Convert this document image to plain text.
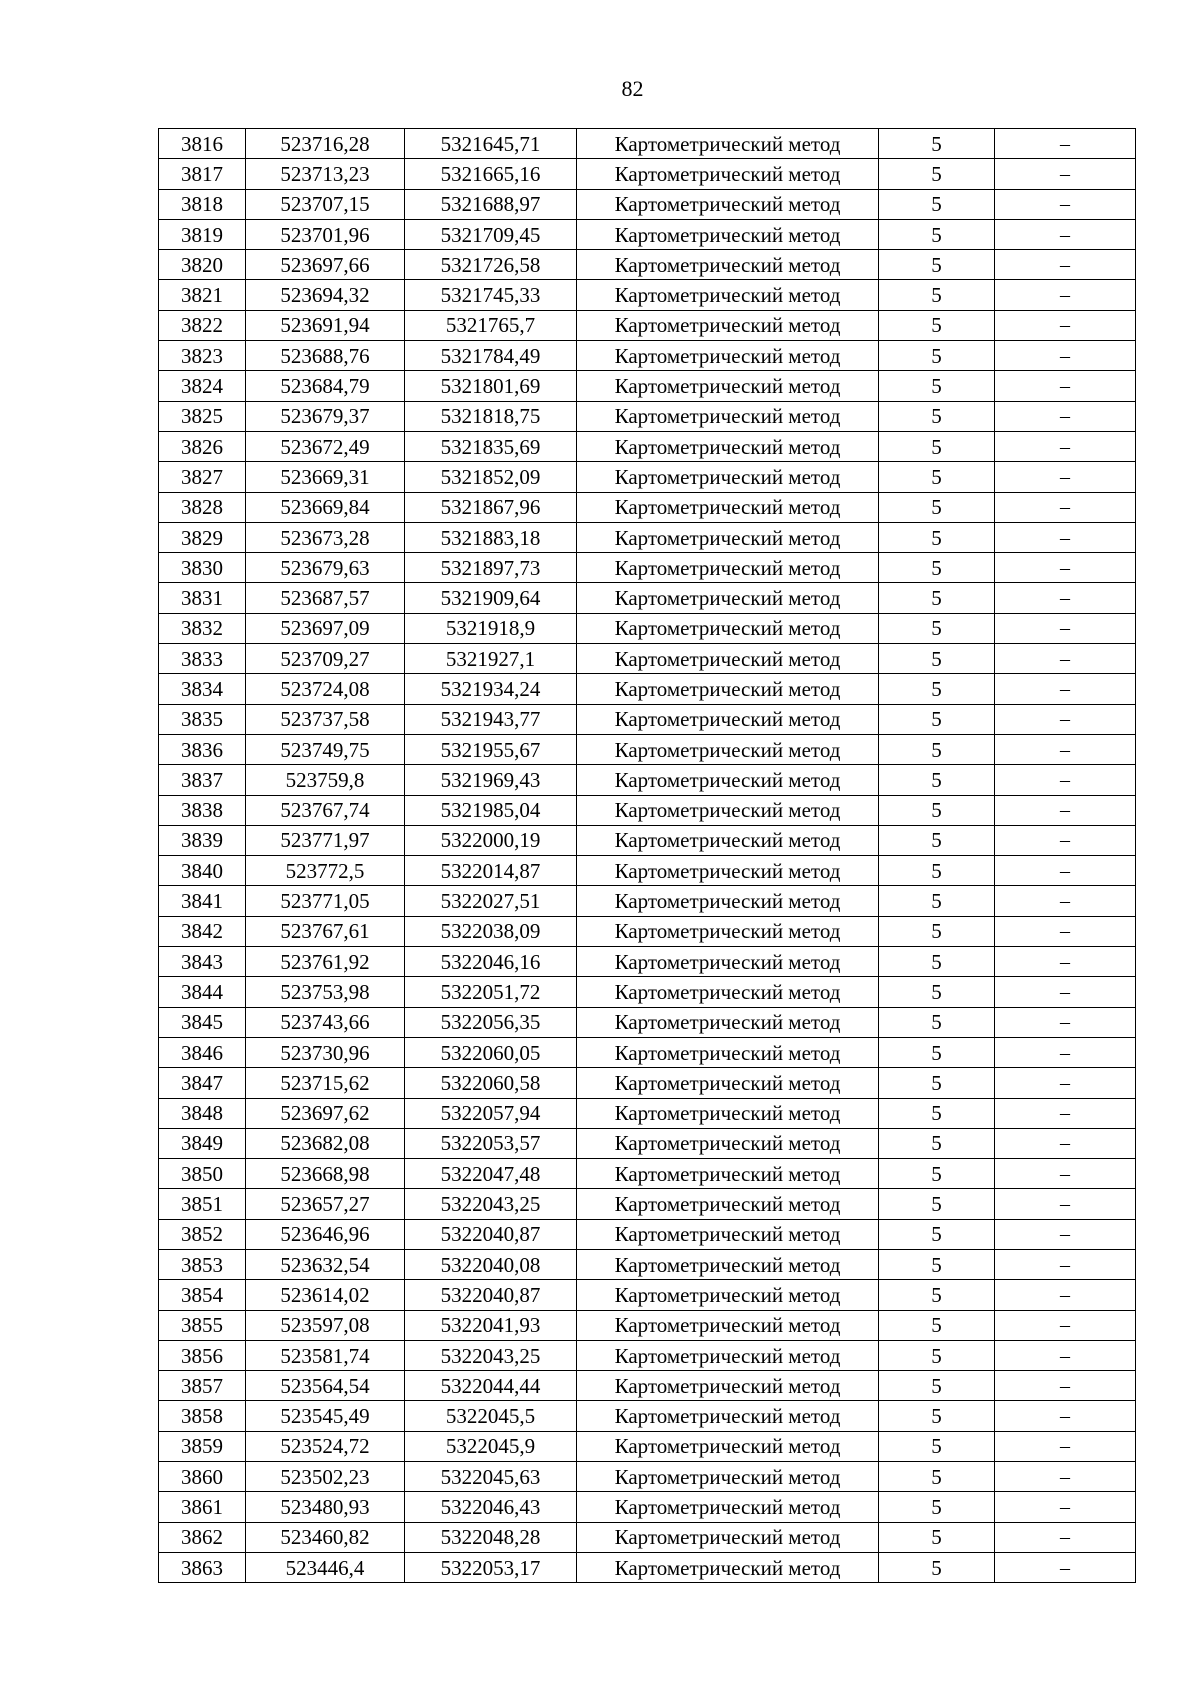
82
3816	523716,28	5321645,71	Картометрический метод	5	–
3817	523713,23	5321665,16	Картометрический метод	5	–
3818	523707,15	5321688,97	Картометрический метод	5	–
3819	523701,96	5321709,45	Картометрический метод	5	–
3820	523697,66	5321726,58	Картометрический метод	5	–
3821	523694,32	5321745,33	Картометрический метод	5	–
3822	523691,94	5321765,7	Картометрический метод	5	–
3823	523688,76	5321784,49	Картометрический метод	5	–
3824	523684,79	5321801,69	Картометрический метод	5	–
3825	523679,37	5321818,75	Картометрический метод	5	–
3826	523672,49	5321835,69	Картометрический метод	5	–
3827	523669,31	5321852,09	Картометрический метод	5	–
3828	523669,84	5321867,96	Картометрический метод	5	–
3829	523673,28	5321883,18	Картометрический метод	5	–
3830	523679,63	5321897,73	Картометрический метод	5	–
3831	523687,57	5321909,64	Картометрический метод	5	–
3832	523697,09	5321918,9	Картометрический метод	5	–
3833	523709,27	5321927,1	Картометрический метод	5	–
3834	523724,08	5321934,24	Картометрический метод	5	–
3835	523737,58	5321943,77	Картометрический метод	5	–
3836	523749,75	5321955,67	Картометрический метод	5	–
3837	523759,8	5321969,43	Картометрический метод	5	–
3838	523767,74	5321985,04	Картометрический метод	5	–
3839	523771,97	5322000,19	Картометрический метод	5	–
3840	523772,5	5322014,87	Картометрический метод	5	–
3841	523771,05	5322027,51	Картометрический метод	5	–
3842	523767,61	5322038,09	Картометрический метод	5	–
3843	523761,92	5322046,16	Картометрический метод	5	–
3844	523753,98	5322051,72	Картометрический метод	5	–
3845	523743,66	5322056,35	Картометрический метод	5	–
3846	523730,96	5322060,05	Картометрический метод	5	–
3847	523715,62	5322060,58	Картометрический метод	5	–
3848	523697,62	5322057,94	Картометрический метод	5	–
3849	523682,08	5322053,57	Картометрический метод	5	–
3850	523668,98	5322047,48	Картометрический метод	5	–
3851	523657,27	5322043,25	Картометрический метод	5	–
3852	523646,96	5322040,87	Картометрический метод	5	–
3853	523632,54	5322040,08	Картометрический метод	5	–
3854	523614,02	5322040,87	Картометрический метод	5	–
3855	523597,08	5322041,93	Картометрический метод	5	–
3856	523581,74	5322043,25	Картометрический метод	5	–
3857	523564,54	5322044,44	Картометрический метод	5	–
3858	523545,49	5322045,5	Картометрический метод	5	–
3859	523524,72	5322045,9	Картометрический метод	5	–
3860	523502,23	5322045,63	Картометрический метод	5	–
3861	523480,93	5322046,43	Картометрический метод	5	–
3862	523460,82	5322048,28	Картометрический метод	5	–
3863	523446,4	5322053,17	Картометрический метод	5	–
